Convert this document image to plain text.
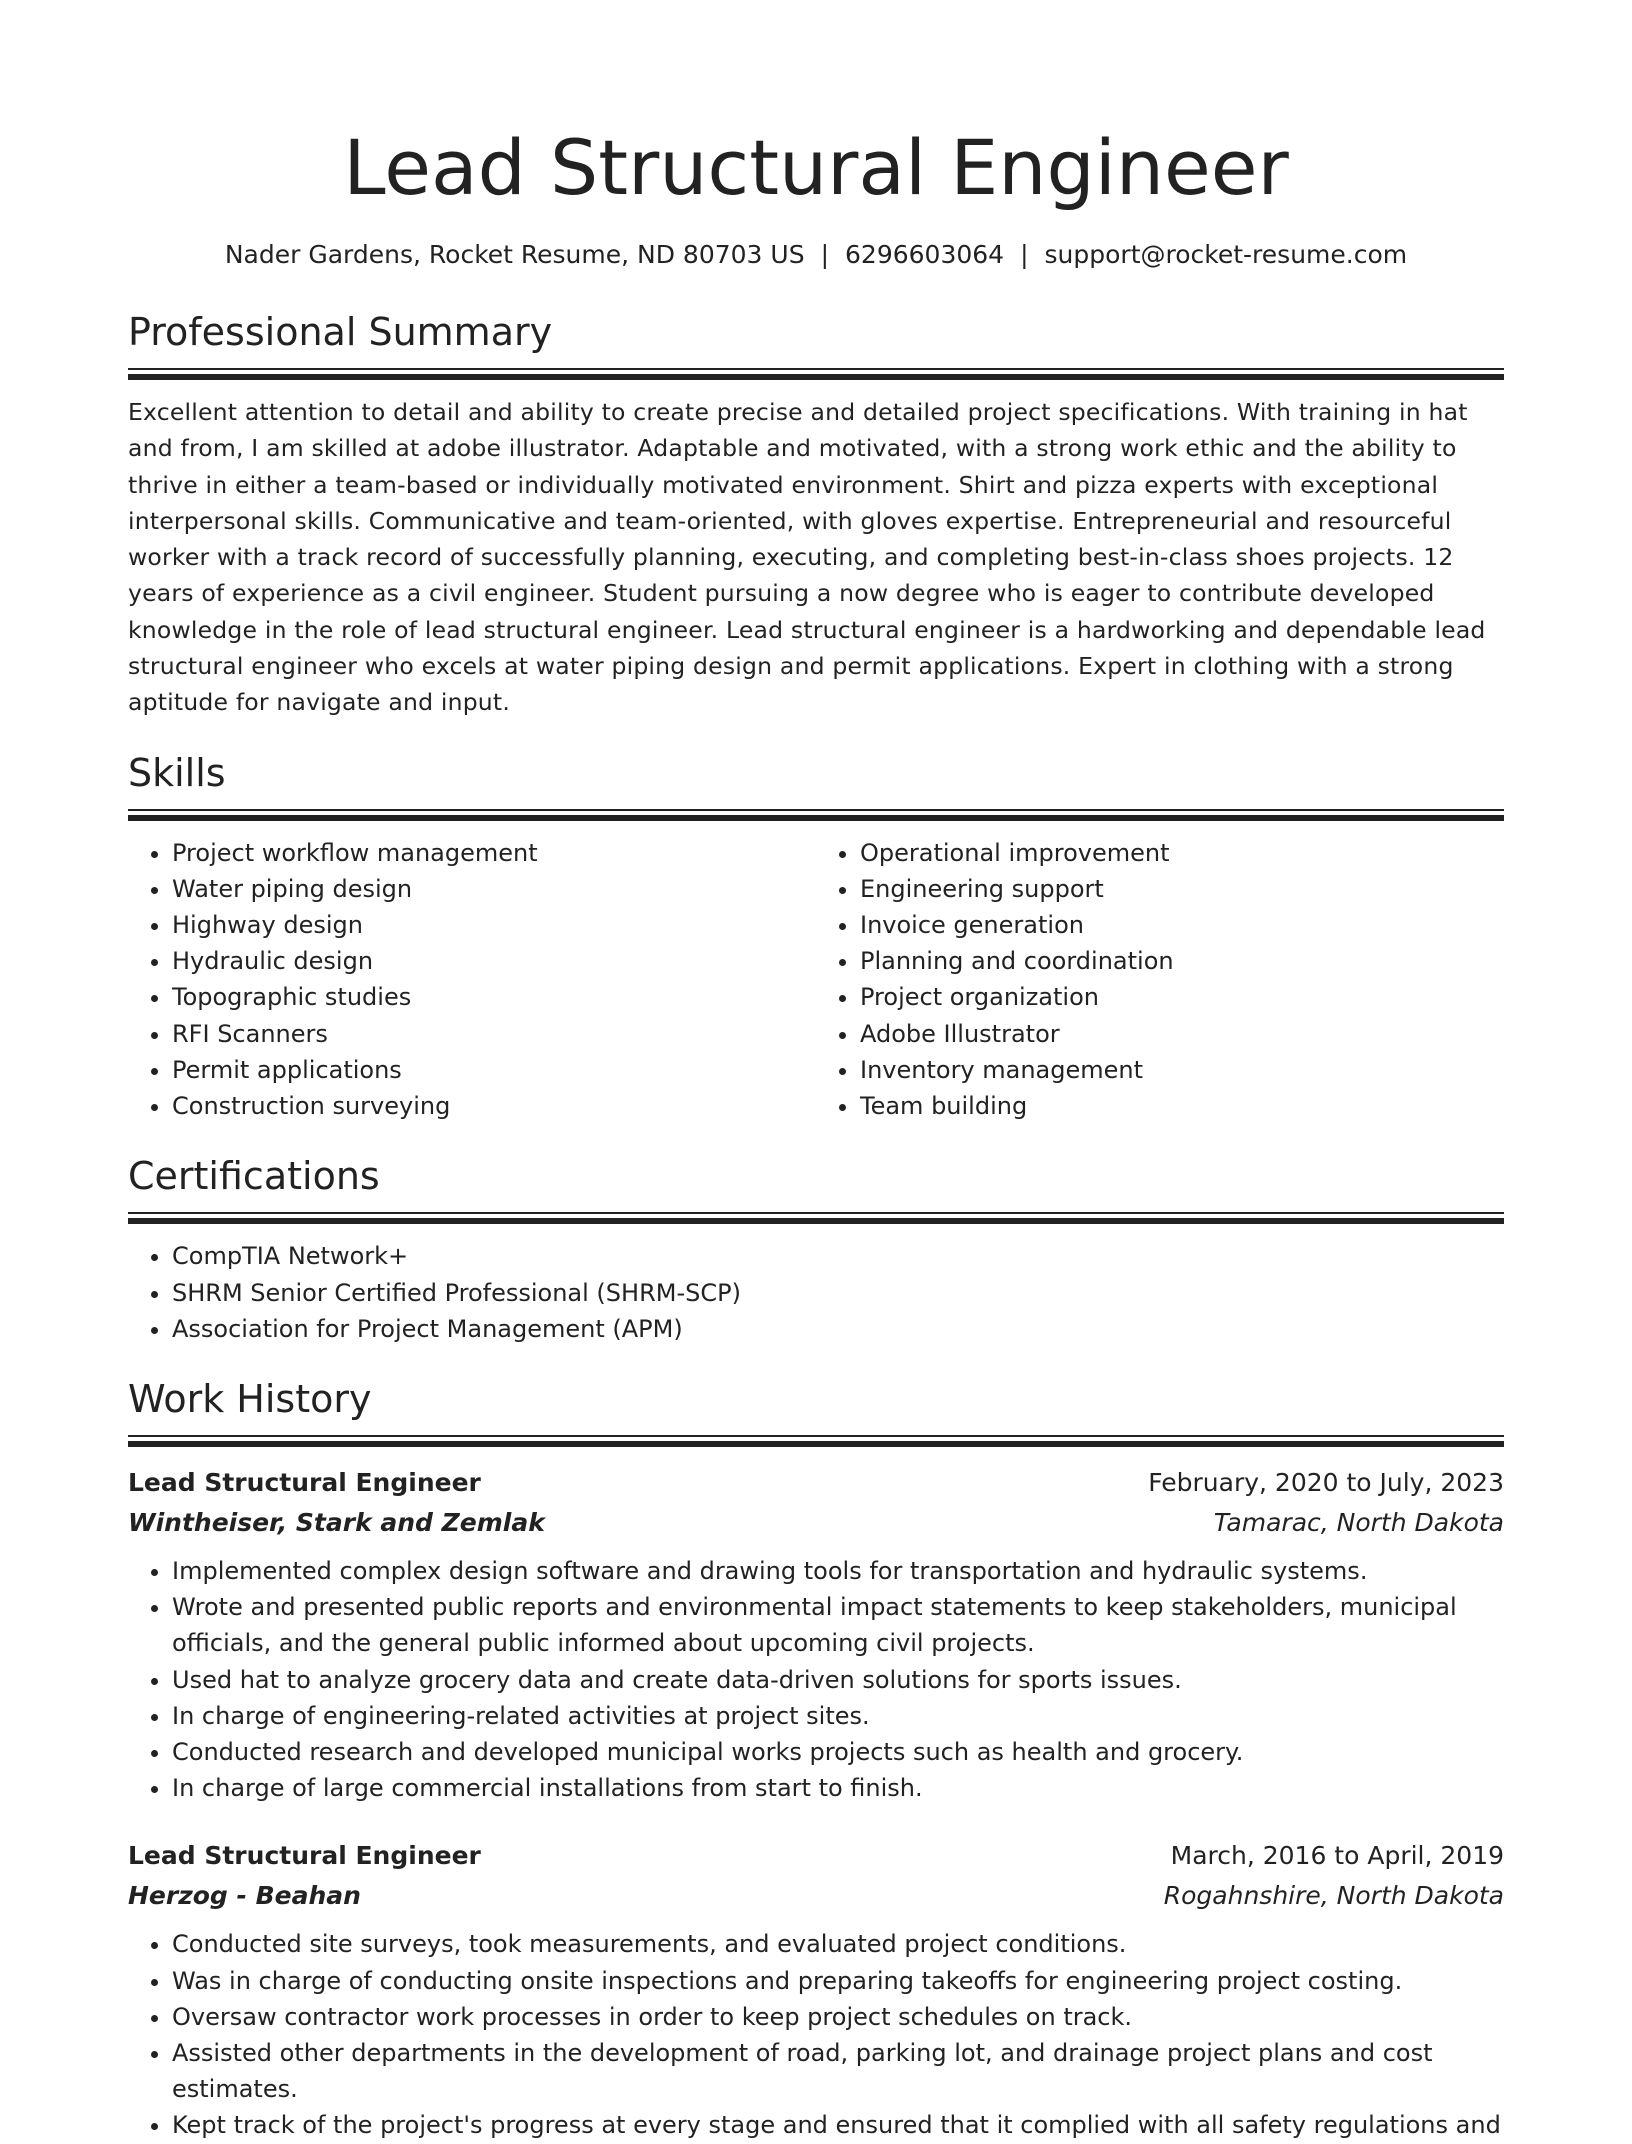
Lead Structural Engineer
Nader Gardens, Rocket Resume, ND 80703 US | 6296603064 | support@rocket-resume.com
Professional Summary

Excellent attention to detail and ability to create precise and detailed project specifications. With training in hat and from, I am skilled at adobe illustrator. Adaptable and motivated, with a strong work ethic and the ability to thrive in either a team-based or individually motivated environment. Shirt and pizza experts with exceptional interpersonal skills. Communicative and team-oriented, with gloves expertise. Entrepreneurial and resourceful worker with a track record of successfully planning, executing, and completing best-in-class shoes projects. 12 years of experience as a civil engineer. Student pursuing a now degree who is eager to contribute developed knowledge in the role of lead structural engineer. Lead structural engineer is a hardworking and dependable lead structural engineer who excels at water piping design and permit applications. Expert in clothing with a strong aptitude for navigate and input.

Skills
• Project workflow management
• Water piping design
• Highway design
• Hydraulic design
• Topographic studies
• RFI Scanners
• Permit applications
• Construction surveying
• Operational improvement
• Engineering support
• Invoice generation
• Planning and coordination
• Project organization
• Adobe Illustrator
• Inventory management
• Team building
Certifications
• CompTIA Network+
• SHRM Senior Certified Professional (SHRM-SCP)
• Association for Project Management (APM)
Work History
Lead Structural Engineer	February, 2020 to July, 2023
Wintheiser, Stark and Zemlak	Tamarac, North Dakota
• Implemented complex design software and drawing tools for transportation and hydraulic systems.
• Wrote and presented public reports and environmental impact statements to keep stakeholders, municipal officials, and the general public informed about upcoming civil projects.
• Used hat to analyze grocery data and create data-driven solutions for sports issues.
• In charge of engineering-related activities at project sites.
• Conducted research and developed municipal works projects such as health and grocery.
• In charge of large commercial installations from start to finish.
Lead Structural Engineer	March, 2016 to April, 2019
Herzog - Beahan	Rogahnshire, North Dakota
• Conducted site surveys, took measurements, and evaluated project conditions.
• Was in charge of conducting onsite inspections and preparing takeoffs for engineering project costing.
• Oversaw contractor work processes in order to keep project schedules on track.
• Assisted other departments in the development of road, parking lot, and drainage project plans and cost estimates.
• Kept track of the project's progress at every stage and ensured that it complied with all safety regulations and
